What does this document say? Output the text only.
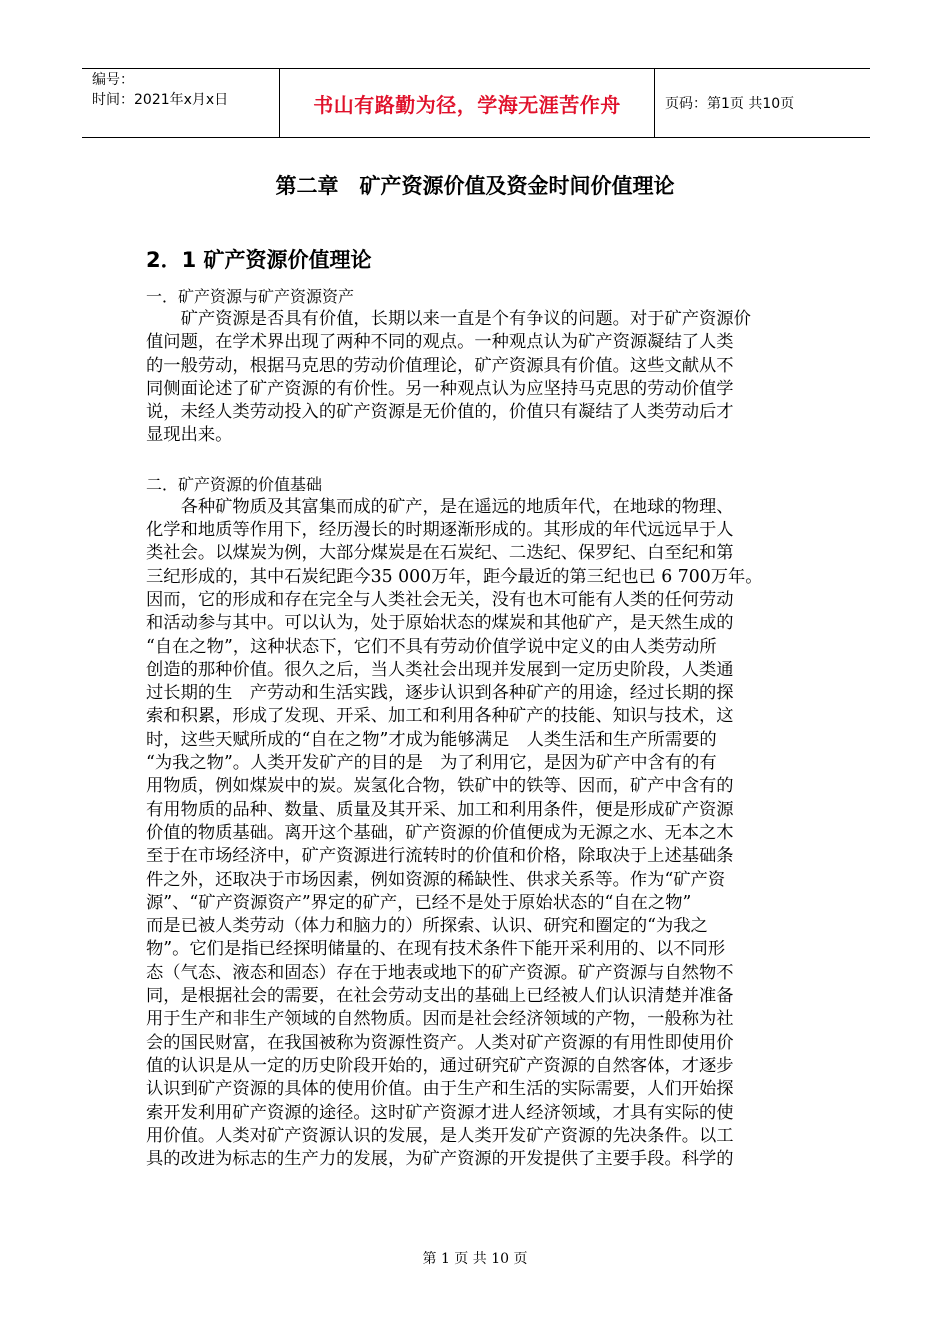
编号：
时间：2021年x月x日	书山有路勤为径，学海无涯苦作舟	页码：第1页 共10页
第二章　矿产资源价值及资金时间价值理论
2．1 矿产资源价值理论
一．矿产资源与矿产资源资产
　　矿产资源是否具有价值，长期以来一直是个有争议的问题。对于矿产资源价
值问题，在学术界出现了两种不同的观点。一种观点认为矿产资源凝结了人类
的一般劳动，根据马克思的劳动价值理论，矿产资源具有价值。这些文献从不
同侧面论述了矿产资源的有价性。另一种观点认为应坚持马克思的劳动价值学
说，未经人类劳动投入的矿产资源是无价值的，价值只有凝结了人类劳动后才
显现出来。
二．矿产资源的价值基础
　　各种矿物质及其富集而成的矿产，是在遥远的地质年代，在地球的物理、
化学和地质等作用下，经历漫长的时期逐渐形成的。其形成的年代远远早于人
类社会。以煤炭为例，大部分煤炭是在石炭纪、二迭纪、保罗纪、白至纪和第
三纪形成的，其中石炭纪距今35 000万年，距今最近的第三纪也已 6 700万年。
因而，它的形成和存在完全与人类社会无关，没有也木可能有人类的任何劳动
和活动参与其中。可以认为，处于原始状态的煤炭和其他矿产，是天然生成的
“自在之物”，这种状态下，它们不具有劳动价值学说中定义的由人类劳动所
创造的那种价值。很久之后，当人类社会出现并发展到一定历史阶段，人类通
过长期的生　产劳动和生活实践，逐步认识到各种矿产的用途，经过长期的探
索和积累，形成了发现、开采、加工和利用各种矿产的技能、知识与技术，这
时，这些天赋所成的“自在之物”才成为能够满足　人类生活和生产所需要的
“为我之物”。人类开发矿产的目的是　为了利用它，是因为矿产中含有的有
用物质，例如煤炭中的炭。炭氢化合物，铁矿中的铁等、因而，矿产中含有的
有用物质的品种、数量、质量及其开采、加工和利用条件，便是形成矿产资源
价值的物质基础。离开这个基础，矿产资源的价值便成为无源之水、无本之木
至于在市场经济中，矿产资源进行流转时的价值和价格，除取决于上述基础条
件之外，还取决于市场因素，例如资源的稀缺性、供求关系等。作为“矿产资
源”、“矿产资源资产”界定的矿产，已经不是处于原始状态的“自在之物”
而是已被人类劳动（体力和脑力的）所探索、认识、研究和圈定的“为我之
物”。它们是指已经探明储量的、在现有技术条件下能开采利用的、以不同形
态（气态、液态和固态）存在于地表或地下的矿产资源。矿产资源与自然物不
同，是根据社会的需要，在社会劳动支出的基础上已经被人们认识清楚并准备
用于生产和非生产领域的自然物质。因而是社会经济领域的产物，一般称为社
会的国民财富，在我国被称为资源性资产。人类对矿产资源的有用性即使用价
值的认识是从一定的历史阶段开始的，通过研究矿产资源的自然客体，才逐步
认识到矿产资源的具体的使用价值。由于生产和生活的实际需要，人们开始探
索开发利用矿产资源的途径。这时矿产资源才进人经济领域，才具有实际的使
用价值。人类对矿产资源认识的发展，是人类开发矿产资源的先决条件。以工
具的改进为标志的生产力的发展，为矿产资源的开发提供了主要手段。科学的
第 1 页 共 10 页
